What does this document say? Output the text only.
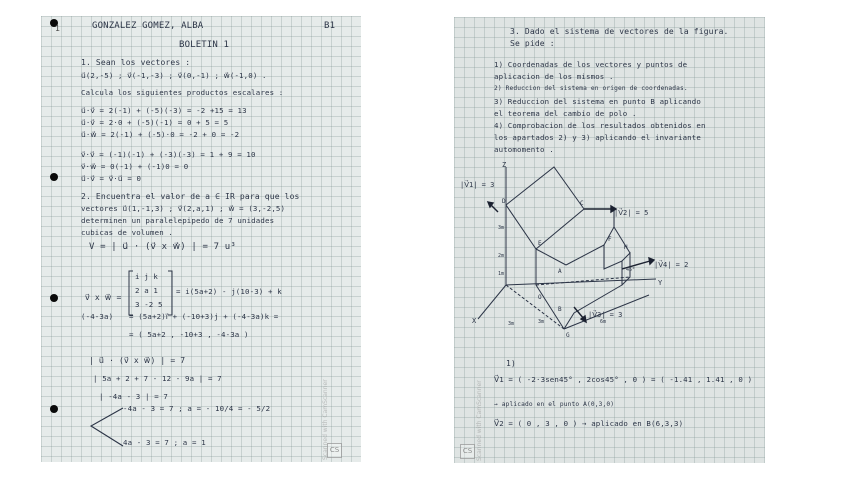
1	GONZALEZ GOMEZ, ALBA	B1
BOLETIN 1
1. Sean los vectores :
u⃗(2,-5) ; v⃗(-1,-3) ; v⃗(0,-1) ; w⃗(-1,0) .
Calcula los siguientes productos escalares :
u⃗·v⃗ = 2(-1) + (-5)(-3) = -2 +15 = 13
u⃗·v⃗ = 2·0 + (-5)(-1) = 0 + 5 = 5
u⃗·w⃗ = 2(-1) + (-5)·0 = -2 + 0 = -2
v⃗·v⃗ = (-1)(-1) + (-3)(-3) = 1 + 9 = 10
v⃗·w⃗ = 0(-1) + (-1)0 = 0
u⃗·v⃗ = v⃗·u⃗ = 0
2. Encuentra el valor de a ∈ IR para que los
vectores u⃗(1,-1,3) ; v⃗(2,a,1) ; w⃗ = (3,-2,5)
determinen un paralelepipedo de 7 unidades
cubicas de volumen .
V = | u⃗ · (v⃗ x w⃗) | = 7 u³
v⃗ x w⃗ =
i j k
2 a 1
3 -2 5
= i(5a+2) - j(10-3) + k
(-4-3a) = (5a+2)i⃗ + (-10+3)j + (-4-3a)k =
= ( 5a+2 , -10+3 , -4-3a )
| u⃗ · (v⃗ x w⃗) | = 7
| 5a + 2 + 7 - 12 - 9a | = 7
| -4a - 3 | = 7
-4a - 3 = 7 ; a = - 10/4 = - 5/2
4a - 3 = 7 ; a = 1	Scanned with CamScanner CS
3. Dado el sistema de vectores de la figura.
Se pide :
1) Coordenadas de los vectores y puntos de
aplicacion de los mismos .
2) Reduccion del sistema en origen de coordenadas.
3) Reduccion del sistema en punto B aplicando
el teorema del cambio de polo .
4) Comprobacion de los resultados obtenidos en
los apartados 2) y 3) aplicando el invariante
automomento .
Z
Y
X
|V⃗1| = 3
|V⃗2| = 5
|V⃗3| = 3
|V⃗4| = 2
45°
A
B
C
D
E
F
G
H
O
3m
2m
1m
3m	6m
3m
1)
V⃗1 = ( -2·3sen45° , 2cos45° , 0 ) = ( -1.41 , 1.41 , 0 )
→ aplicado en el punto A(0,3,0)
V⃗2 = ( 0 , 3 , 0 ) → aplicado en B(6,3,3)
Scanned with CamScanner
CS
